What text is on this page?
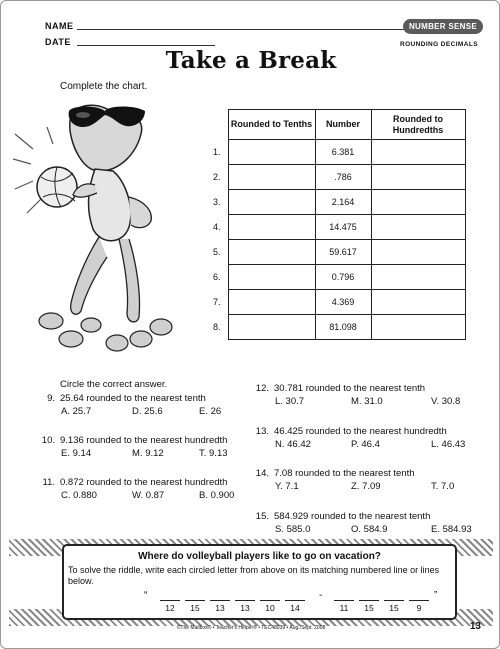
NAME
DATE
NUMBER SENSE
ROUNDING DECIMALS
Take a Break
Complete the chart.
Rounded to Tenths	Number	Rounded to Hundredths
1.		6.381	
2.		.786	
3.		2.164	
4.		14.475	
5.		59.617	
6.		0.796	
7.		4.369	
8.		81.098	
Circle the correct answer.
9. 25.64 rounded to the nearest tenth
A. 25.7	D. 25.6	E. 26
10. 9.136 rounded to the nearest hundredth
E. 9.14	M. 9.12	T. 9.13
11. 0.872 rounded to the nearest hundredth
C. 0.880	W. 0.87	B. 0.900
12. 30.781 rounded to the nearest tenth
L. 30.7	M. 31.0	V. 30.8
13. 46.425 rounded to the nearest hundredth
N. 46.42	P. 46.4	L. 46.43
14. 7.08 rounded to the nearest tenth
Y. 7.1	Z. 7.09	T. 7.0
15. 584.929 rounded to the nearest tenth
S. 585.0	O. 584.9	E. 584.93
Where do volleyball players like to go on vacation?
To solve the riddle, write each circled letter from above on its matching numbered line or lines below.
“
12	15	13	13	10	14
-
11	15	15	9
”
©The Mailbox® • Teacher's Helper® • TEC48039 • Aug./Sept. 2008	13
